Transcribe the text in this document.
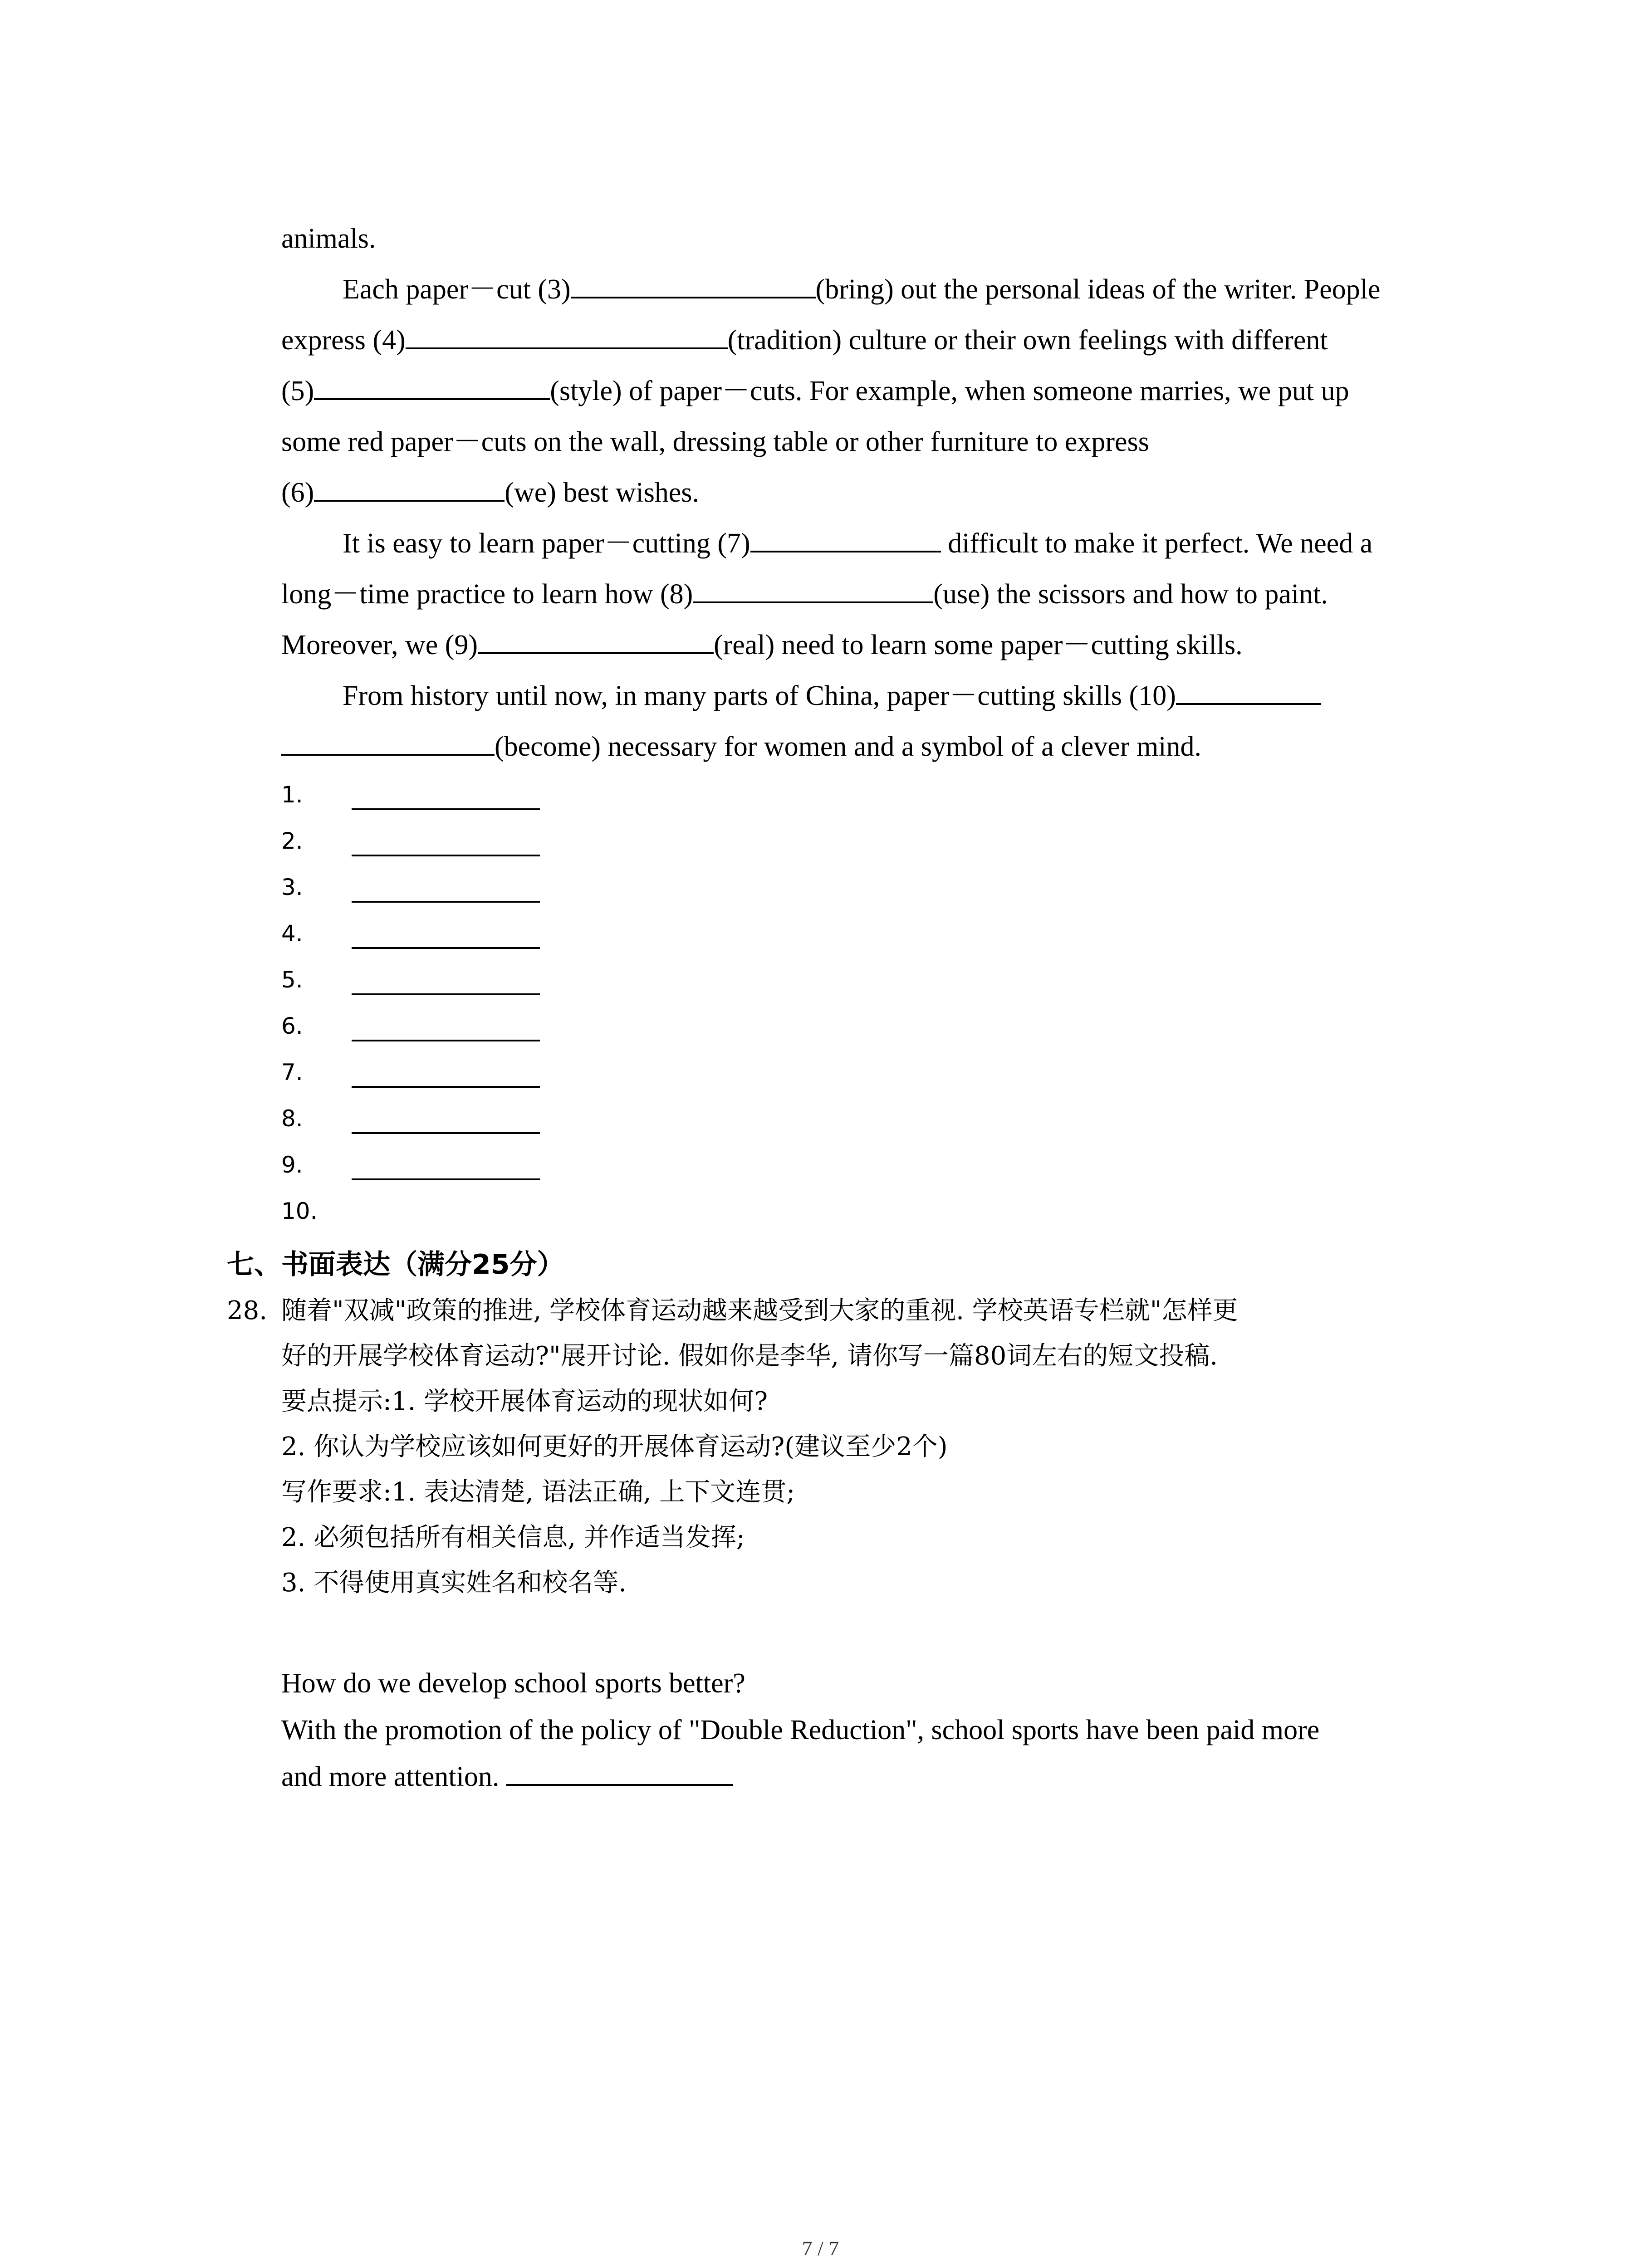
animals.
Each paper－cut (3)	(bring) out the personal ideas of the writer. People
express (4)	(tradition) culture or their own feelings with different
(5)	(style) of paper－cuts. For example, when someone marries, we put up
some red paper－cuts on the wall, dressing table or other furniture to express
(6)	(we) best wishes.
It is easy to learn paper－cutting (7)	difficult to make it perfect. We need a
long－time practice to learn how (8)	(use) the scissors and how to paint.
Moreover, we (9)	(real) need to learn some paper－cutting skills.
From history until now, in many parts of China, paper－cutting skills (10)
(become) necessary for women and a symbol of a clever mind.
1.
2.
3.
4.
5.
6.
7.
8.
9.
10.
七、书面表达（满分25分）
28. 随着"双减"政策的推进, 学校体育运动越来越受到大家的重视. 学校英语专栏就"怎样更
好的开展学校体育运动?"展开讨论. 假如你是李华, 请你写一篇80词左右的短文投稿.
要点提示:1. 学校开展体育运动的现状如何?
2. 你认为学校应该如何更好的开展体育运动?(建议至少2个)
写作要求:1. 表达清楚, 语法正确, 上下文连贯;
2. 必须包括所有相关信息, 并作适当发挥;
3. 不得使用真实姓名和校名等.
How do we develop school sports better?
With the promotion of the policy of "Double Reduction", school sports have been paid more
and more attention.
7 / 7
